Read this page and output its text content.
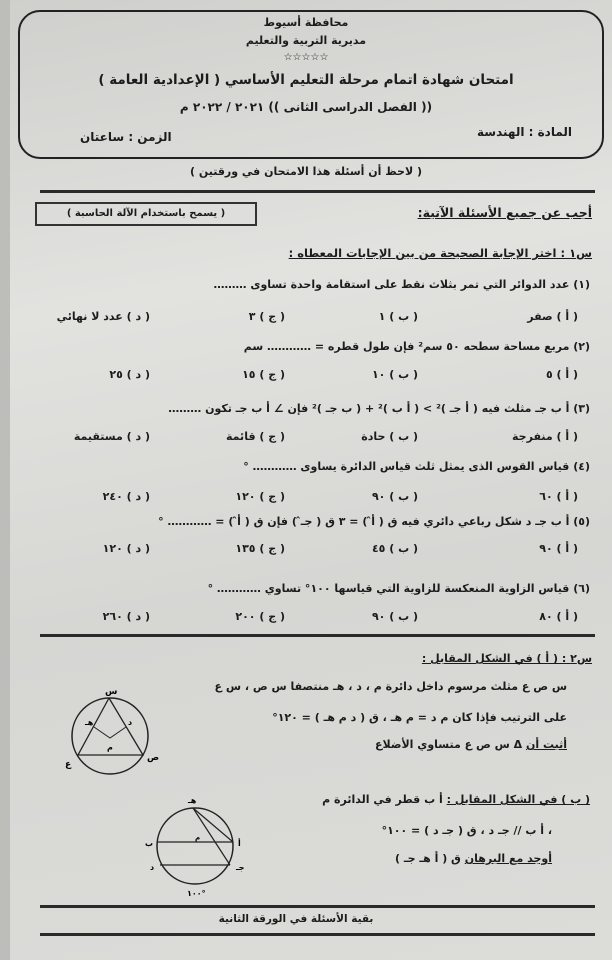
محافظة أسيوط
مديرية التربية والتعليم
☆☆☆☆☆
امتحان شهادة اتمام مرحلة التعليم الأساسي ( الإعدادية العامة )
(( الفصل الدراسى الثانى )) ٢٠٢١ / ٢٠٢٢ م
المادة : الهندسة
الزمن : ساعتان
( لاحظ أن أسئلة هذا الامتحان في ورقتين )
أجب عن جميع الأسئلة الآتية:
( يسمح باستخدام الآلة الحاسبة )
س١ : اختر الإجابة الصحيحة من بين الإجابات المعطاه :
(١) عدد الدوائر التي تمر بثلاث نقط على استقامة واحدة تساوى ………
( أ ) صفر
( ب ) ١
( ج ) ٣
( د ) عدد لا نهائي
(٢) مربع مساحة سطحه ٥٠ سم² فإن طول قطره = ………… سم
( أ ) ٥
( ب ) ١٠
( ج ) ١٥
( د ) ٢٥
(٣) أ ب جـ مثلث فيه ( أ جـ )² > ( أ ب )² + ( ب جـ )² فإن ∠ أ ب جـ تكون ………
( أ ) منفرجة
( ب ) حادة
( ج ) قائمة
( د ) مستقيمة
(٤) قياس القوس الذى يمثل ثلث قياس الدائرة يساوى ………… °
( أ ) ٦٠
( ب ) ٩٠
( ج ) ١٢٠
( د ) ٢٤٠
(٥) أ ب جـ د شكل رباعي دائري فيه ق ( أ̂ ) = ٣ ق ( جـ̂ ) فإن ق ( أ̂ ) = ………… °
( أ ) ٩٠
( ب ) ٤٥
( ج ) ١٣٥
( د ) ١٢٠
(٦) قياس الزاوية المنعكسة للزاوية التي قياسها ١٠٠° تساوي ………… °
( أ ) ٨٠
( ب ) ٩٠
( ج ) ٢٠٠
( د ) ٢٦٠
س٢ : ( أ ) في الشكل المقابل :
س ص ع مثلث مرسوم داخل دائرة م ، د ، هـ منتصفا س ص ، س ع
على الترتيب فإذا كان م د = م هـ ، ق ( د م هـ ) = ١٢٠°
أثبت أن Δ س ص ع متساوي الأضلاع
( ب ) في الشكل المقابل : أ ب قطر في الدائرة م
، أ ب // جـ د ، ق ( جـ د ) = ١٠٠°
أوجد مع البرهان ق ( أ هـ جـ )
س
ع
ص
م
د
هـ
هـ
أ
ب
جـ
د
م
١٠٠°
بقية الأسئلة في الورقة الثانية
